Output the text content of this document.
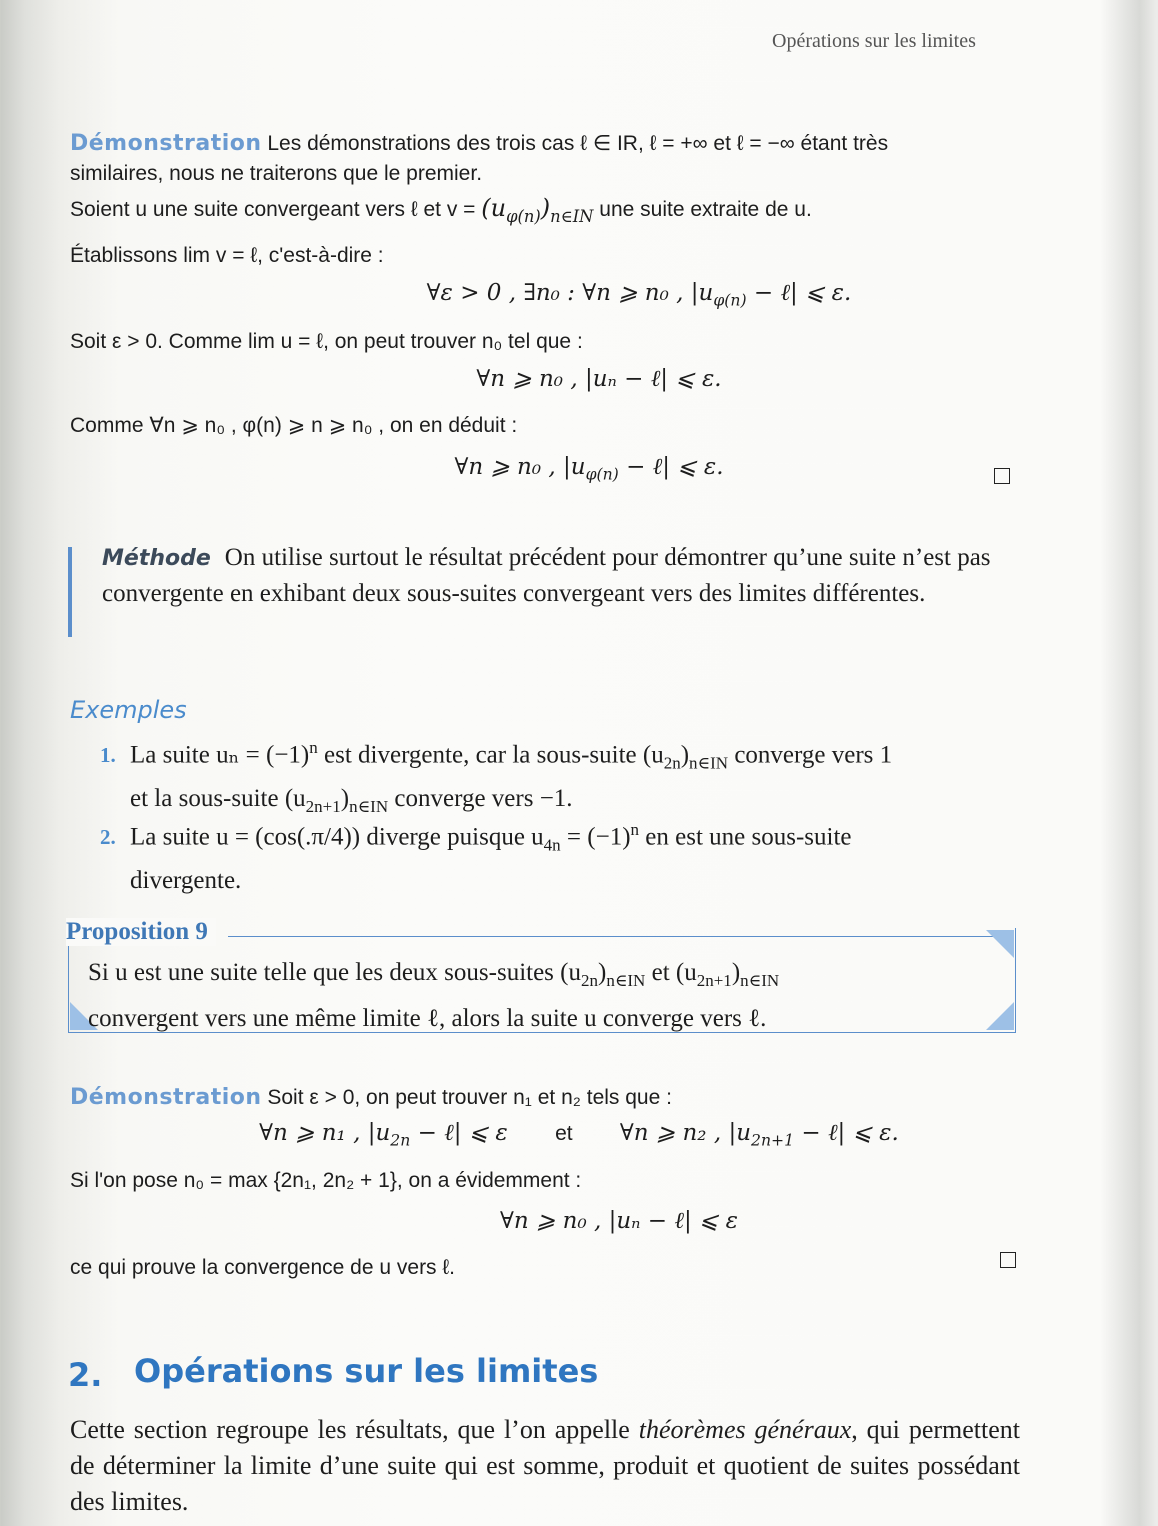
Opérations sur les limites
Démonstration Les démonstrations des trois cas ℓ ∈ IR, ℓ = +∞ et ℓ = −∞ étant très
similaires, nous ne traiterons que le premier.
Soient u une suite convergeant vers ℓ et $v = (u_{\varphi(n)})_{n\in IN}$ une suite extraite de u.
Établissons lim v = ℓ, c'est-à-dire :
∀ε > 0 , ∃n₀ : ∀n ⩾ n₀ , $|u_{\varphi(n)}$ − ℓ| ⩽ ε.
Soit ε > 0. Comme lim u = ℓ, on peut trouver n₀ tel que :
∀n ⩾ n₀ , |uₙ − ℓ| ⩽ ε.
Comme ∀n ⩾ n₀ , φ(n) ⩾ n ⩾ n₀ , on en déduit :
∀n ⩾ n₀ , $|u_{\varphi(n)}$ − ℓ| ⩽ ε.
Méthode On utilise surtout le résultat précédent pour démontrer qu’une suite n’est pas convergente en exhibant deux sous-suites convergeant vers des limites différentes.
Exemples
1. La suite $u_n = (-1)^n$ est divergente, car la sous-suite $(u_{2n})_{n\in IN}$ converge vers 1
et la sous-suite $(u_{2n+1})_{n\in IN}$ converge vers −1.
2. La suite u = (cos(.π/4)) diverge puisque $u_{4n} = (-1)^n$ en est une sous-suite
divergente.
Proposition 9
Si u est une suite telle que les deux sous-suites $(u_{2n})_{n\in IN}$ et $(u_{2n+1})_{n\in IN}$
convergent vers une même limite ℓ, alors la suite u converge vers ℓ.
Démonstration Soit ε > 0, on peut trouver n₁ et n₂ tels que :
∀n ⩾ n₁ , $|u_{2n}$ − ℓ| ⩽ ε et ∀n ⩾ n₂ , $|u_{2n+1}$ − ℓ| ⩽ ε.
Si l'on pose n₀ = max {2n₁, 2n₂ + 1}, on a évidemment :
∀n ⩾ n₀ , |uₙ − ℓ| ⩽ ε
ce qui prouve la convergence de u vers ℓ.
2. Opérations sur les limites
Cette section regroupe les résultats, que l’on appelle théorèmes généraux, qui permettent de déterminer la limite d’une suite qui est somme, produit et quotient de suites possédant des limites.
